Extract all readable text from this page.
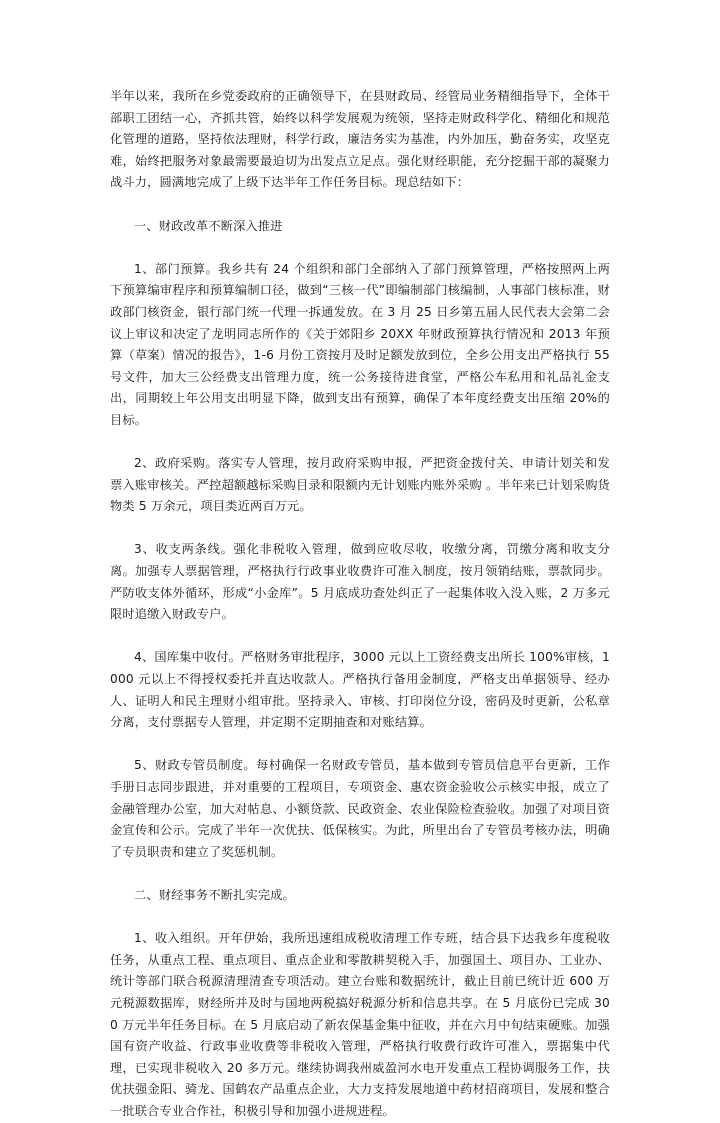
半年以来，我所在乡党委政府的正确领导下，在县财政局、经管局业务精细指导下，全体干部职工团结一心，齐抓共管，始终以科学发展观为统领，坚持走财政科学化、精细化和规范化管理的道路，坚持依法理财，科学行政，廉洁务实为基准，内外加压，勤奋务实，攻坚克难，始终把服务对象最需要最迫切为出发点立足点。强化财经职能，充分挖掘干部的凝聚力战斗力，圆满地完成了上级下达半年工作任务目标。现总结如下：

一、财政改革不断深入推进

1、部门预算。我乡共有 24 个组织和部门全部纳入了部门预算管理，严格按照两上两下预算编审程序和预算编制口径，做到“三核一代”即编制部门核编制，人事部门核标准，财政部门核资金，银行部门统一代理一拆通发放。在 3 月 25 日乡第五届人民代表大会第二会议上审议和决定了龙明同志所作的《关于郊阳乡 20XX 年财政预算执行情况和 2013 年预算（草案）情况的报告》，1-6 月份工资按月及时足额发放到位，全乡公用支出严格执行 55 号文件，加大三公经费支出管理力度，统一公务接待进食堂，严格公车私用和礼品礼金支出，同期较上年公用支出明显下降，做到支出有预算，确保了本年度经费支出压缩 20%的目标。

2、政府采购。落实专人管理，按月政府采购申报，严把资金拨付关、申请计划关和发票入账审核关。严控超额越标采购目录和限额内无计划账内账外采购 。半年来已计划采购货物类 5 万余元，项目类近两百万元。

3、收支两条线。强化非税收入管理，做到应收尽收，收缴分离，罚缴分离和收支分离。加强专人票据管理，严格执行行政事业收费许可准入制度，按月领销结账，票款同步。严防收支体外循环，形成“小金库”。5 月底成功查处纠正了一起集体收入没入账，2 万多元限时追缴入财政专户。

4、国库集中收付。严格财务审批程序，3000 元以上工资经费支出所长 100%审核，1000 元以上不得授权委托并直达收款人。严格执行备用金制度，严格支出单据领导、经办人、证明人和民主理财小组审批。坚持录入、审核、打印岗位分设，密码及时更新，公私章分离，支付票据专人管理，并定期不定期抽查和对账结算。

5、财政专管员制度。每村确保一名财政专管员，基本做到专管员信息平台更新，工作手册日志同步跟进，并对重要的工程项目，专项资金、惠农资金验收公示核实申报，成立了金融管理办公室，加大对帖息、小额贷款、民政资金、农业保险检查验收。加强了对项目资金宣传和公示。完成了半年一次优扶、低保核实。为此，所里出台了专管员考核办法，明确了专员职责和建立了奖惩机制。

二、财经事务不断扎实完成。

1、收入组织。开年伊始，我所迅速组成税收清理工作专班，结合县下达我乡年度税收任务，从重点工程、重点项目、重点企业和零散耕契税入手，加强国土、项目办、工业办、统计等部门联合税源清理清查专项活动。建立台账和数据统计，截止目前已统计近 600 万元税源数据库，财经所并及时与国地两税搞好税源分析和信息共享。在 5 月底份已完成 300 万元半年任务目标。在 5 月底启动了新农保基金集中征收，并在六月中旬结束硬账。加强国有资产收益、行政事业收费等非税收入管理，严格执行收费行政许可准入，票据集中代理，已实现非税收入 20 多万元。继续协调我州威盈河水电开发重点工程协调服务工作，扶优扶强金阳、骑龙、国鹤农产品重点企业，大力支持发展地道中药材招商项目，发展和整合一批联合专业合作社，积极引导和加强小进规进程。
